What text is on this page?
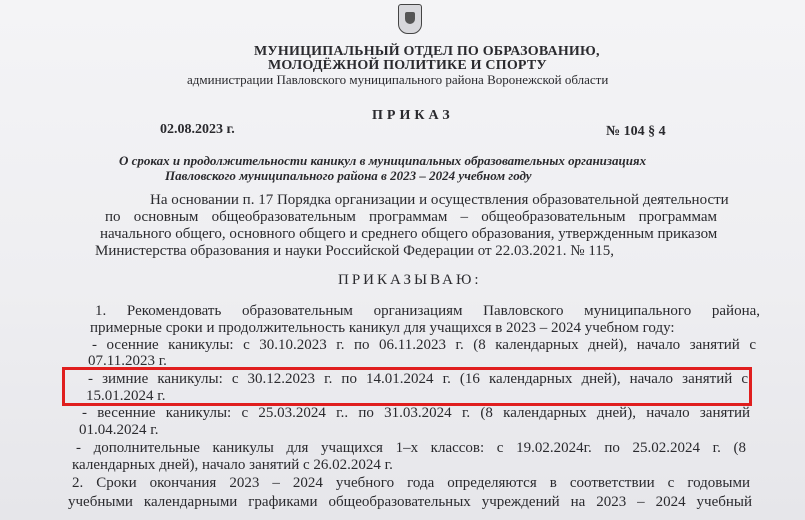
МУНИЦИПАЛЬНЫЙ ОТДЕЛ ПО ОБРАЗОВАНИЮ,
МОЛОДЁЖНОЙ ПОЛИТИКЕ И СПОРТУ
администрации Павловского муниципального района Воронежской области
ПРИКАЗ
02.08.2023 г.	№ 104 § 4
О сроках и продолжительности каникул в муниципальных образовательных организациях
Павловского муниципального района в 2023 – 2024 учебном году
На основании п. 17 Порядка организации и осуществления образовательной деятельности
по основным общеобразовательным программам – общеобразовательным программам
начального общего, основного общего и среднего общего образования, утвержденным приказом
Министерства образования и науки Российской Федерации от 22.03.2021. № 115,
ПРИКАЗЫВАЮ:
1. Рекомендовать образовательным организациям Павловского муниципального района,
примерные сроки и продолжительность каникул для учащихся в 2023 – 2024 учебном году:
- осенние каникулы: с 30.10.2023 г. по 06.11.2023 г. (8 календарных дней), начало занятий с
07.11.2023 г.
- зимние каникулы: с 30.12.2023 г. по 14.01.2024 г. (16 календарных дней), начало занятий с
15.01.2024 г.
- весенние каникулы: с 25.03.2024 г.. по 31.03.2024 г. (8 календарных дней), начало занятий
01.04.2024 г.
- дополнительные каникулы для учащихся 1–х классов: с 19.02.2024г. по 25.02.2024 г. (8
календарных дней), начало занятий с 26.02.2024 г.
2. Сроки окончания 2023 – 2024 учебного года определяются в соответствии с годовыми
учебными календарными графиками общеобразовательных учреждений на 2023 – 2024 учебный
